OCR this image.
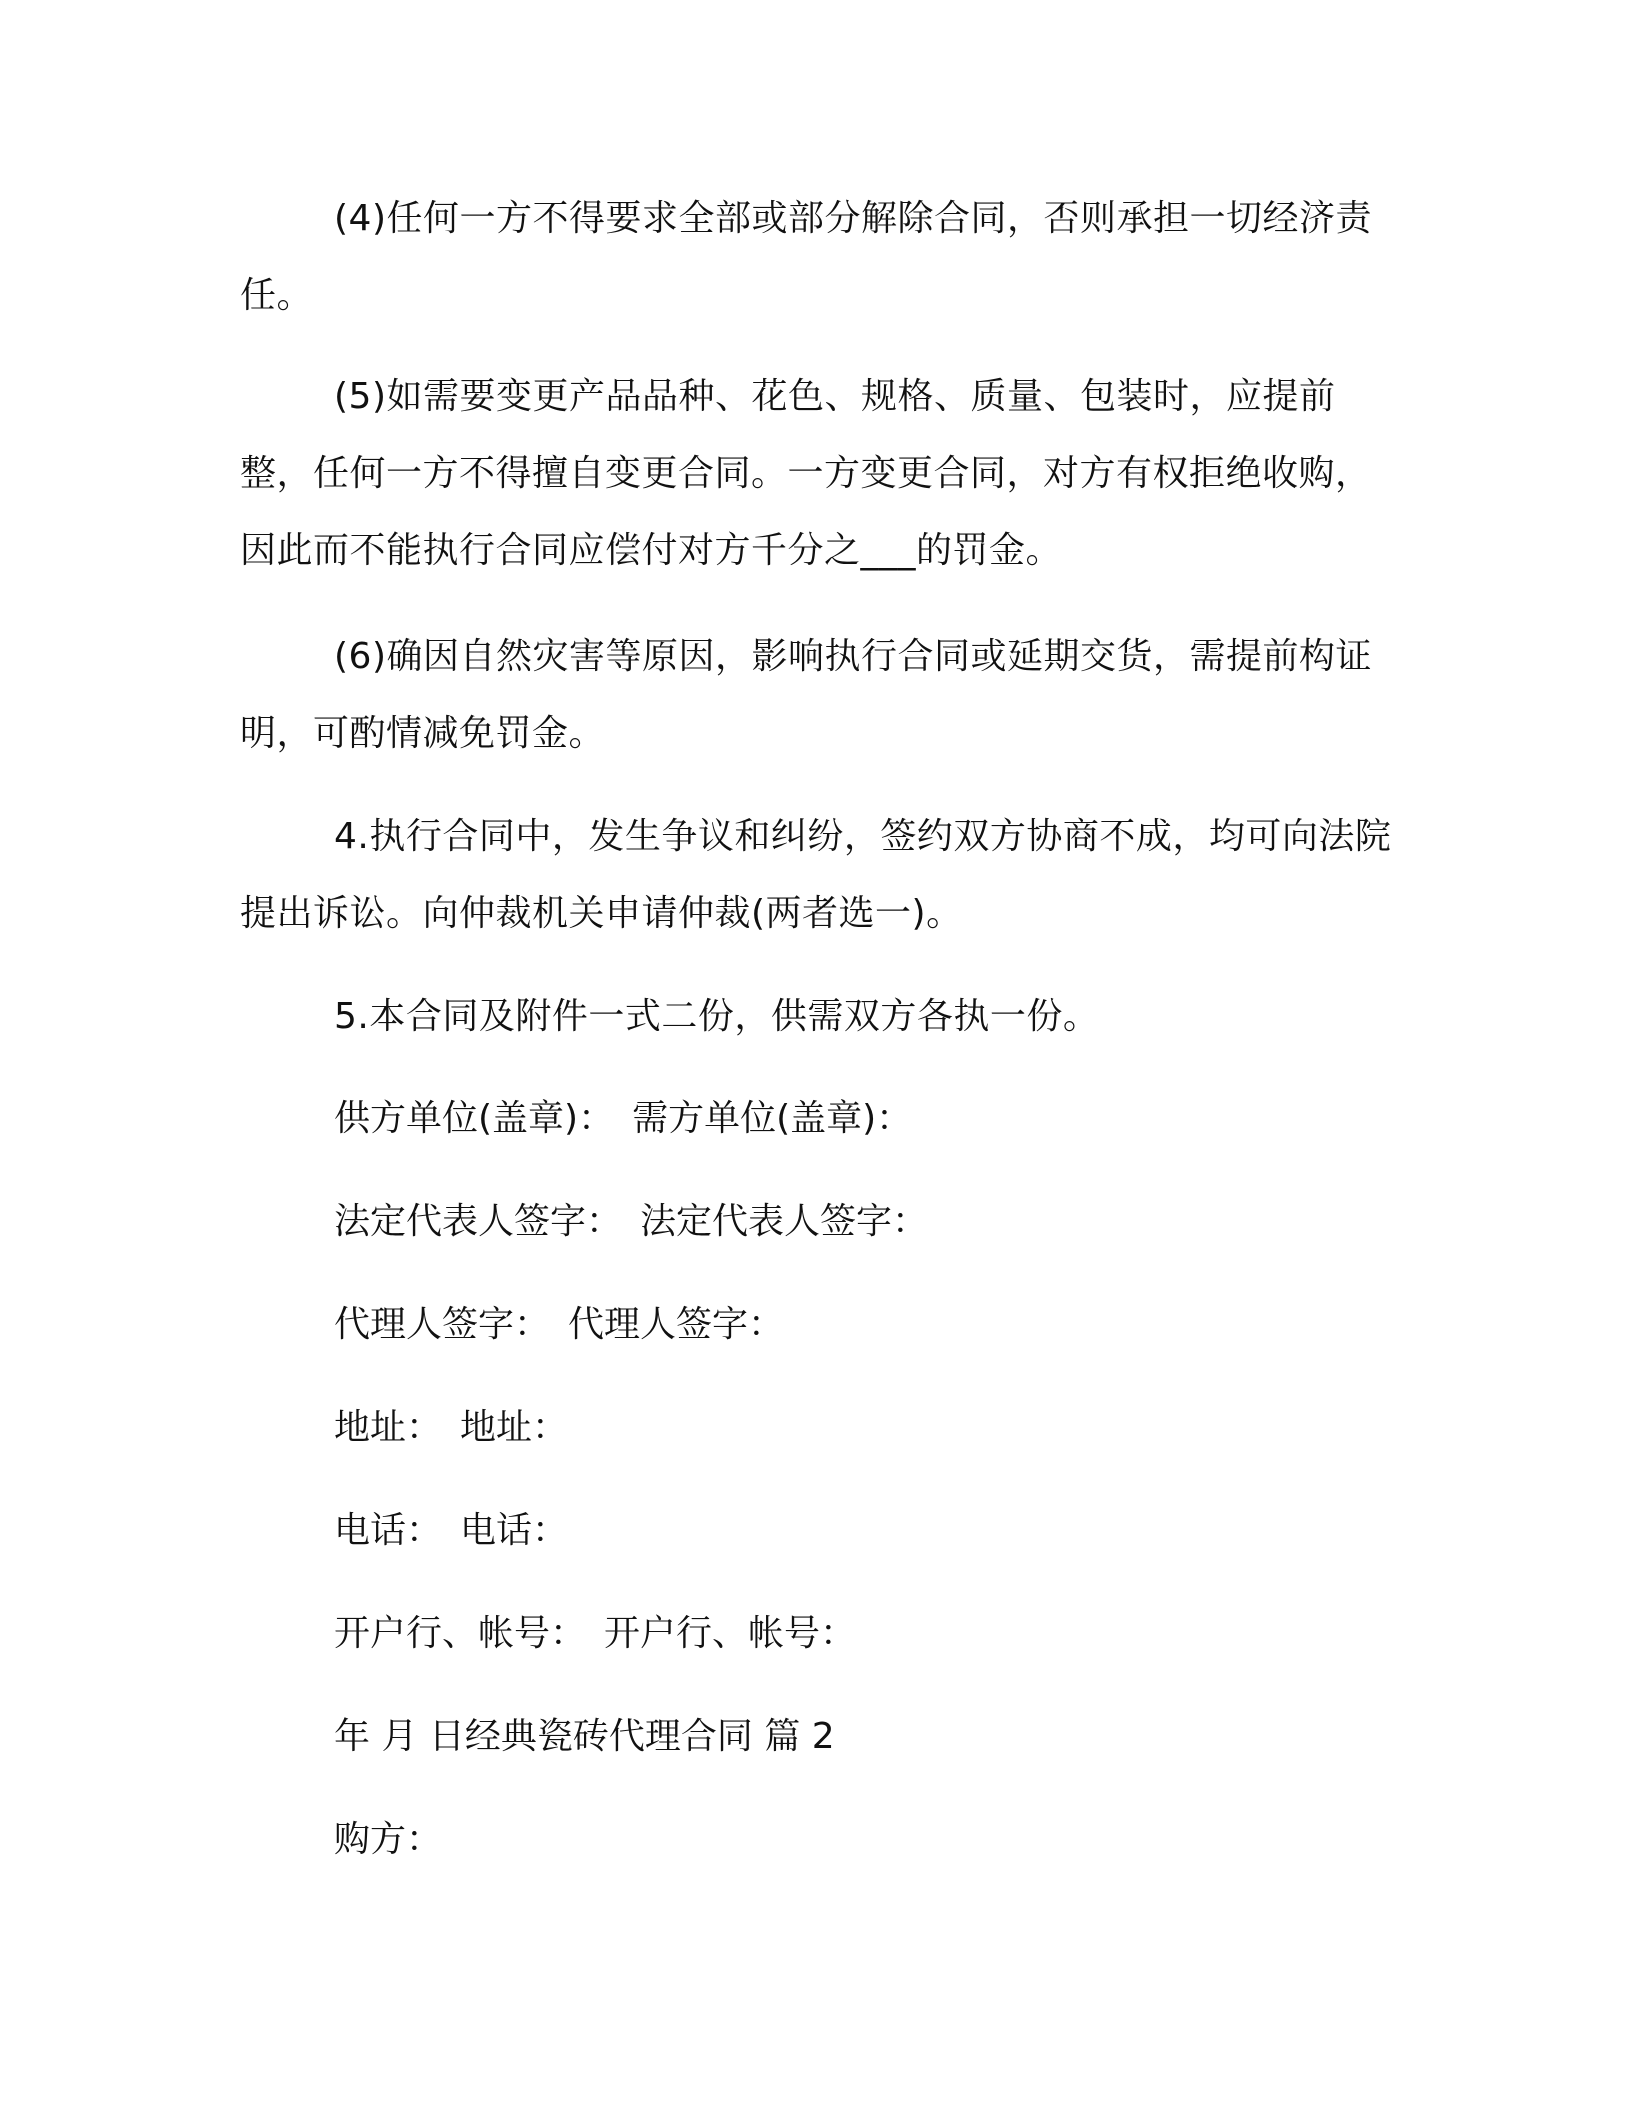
(4)任何一方不得要求全部或部分解除合同，否则承担一切经济责任。

(5)如需要变更产品品种、花色、规格、质量、包装时，应提前整，任何一方不得擅自变更合同。一方变更合同，对方有权拒绝收购，因此而不能执行合同应偿付对方千分之___的罚金。

(6)确因自然灾害等原因，影响执行合同或延期交货，需提前构证明，可酌情减免罚金。

4.执行合同中，发生争议和纠纷，签约双方协商不成，均可向法院提出诉讼。向仲裁机关申请仲裁(两者选一)。

5.本合同及附件一式二份，供需双方各执一份。

供方单位(盖章)： 需方单位(盖章)：
法定代表人签字： 法定代表人签字：
代理人签字： 代理人签字：
地址： 地址：
电话： 电话：
开户行、帐号： 开户行、帐号：
年 月 日经典瓷砖代理合同 篇 2
购方：
